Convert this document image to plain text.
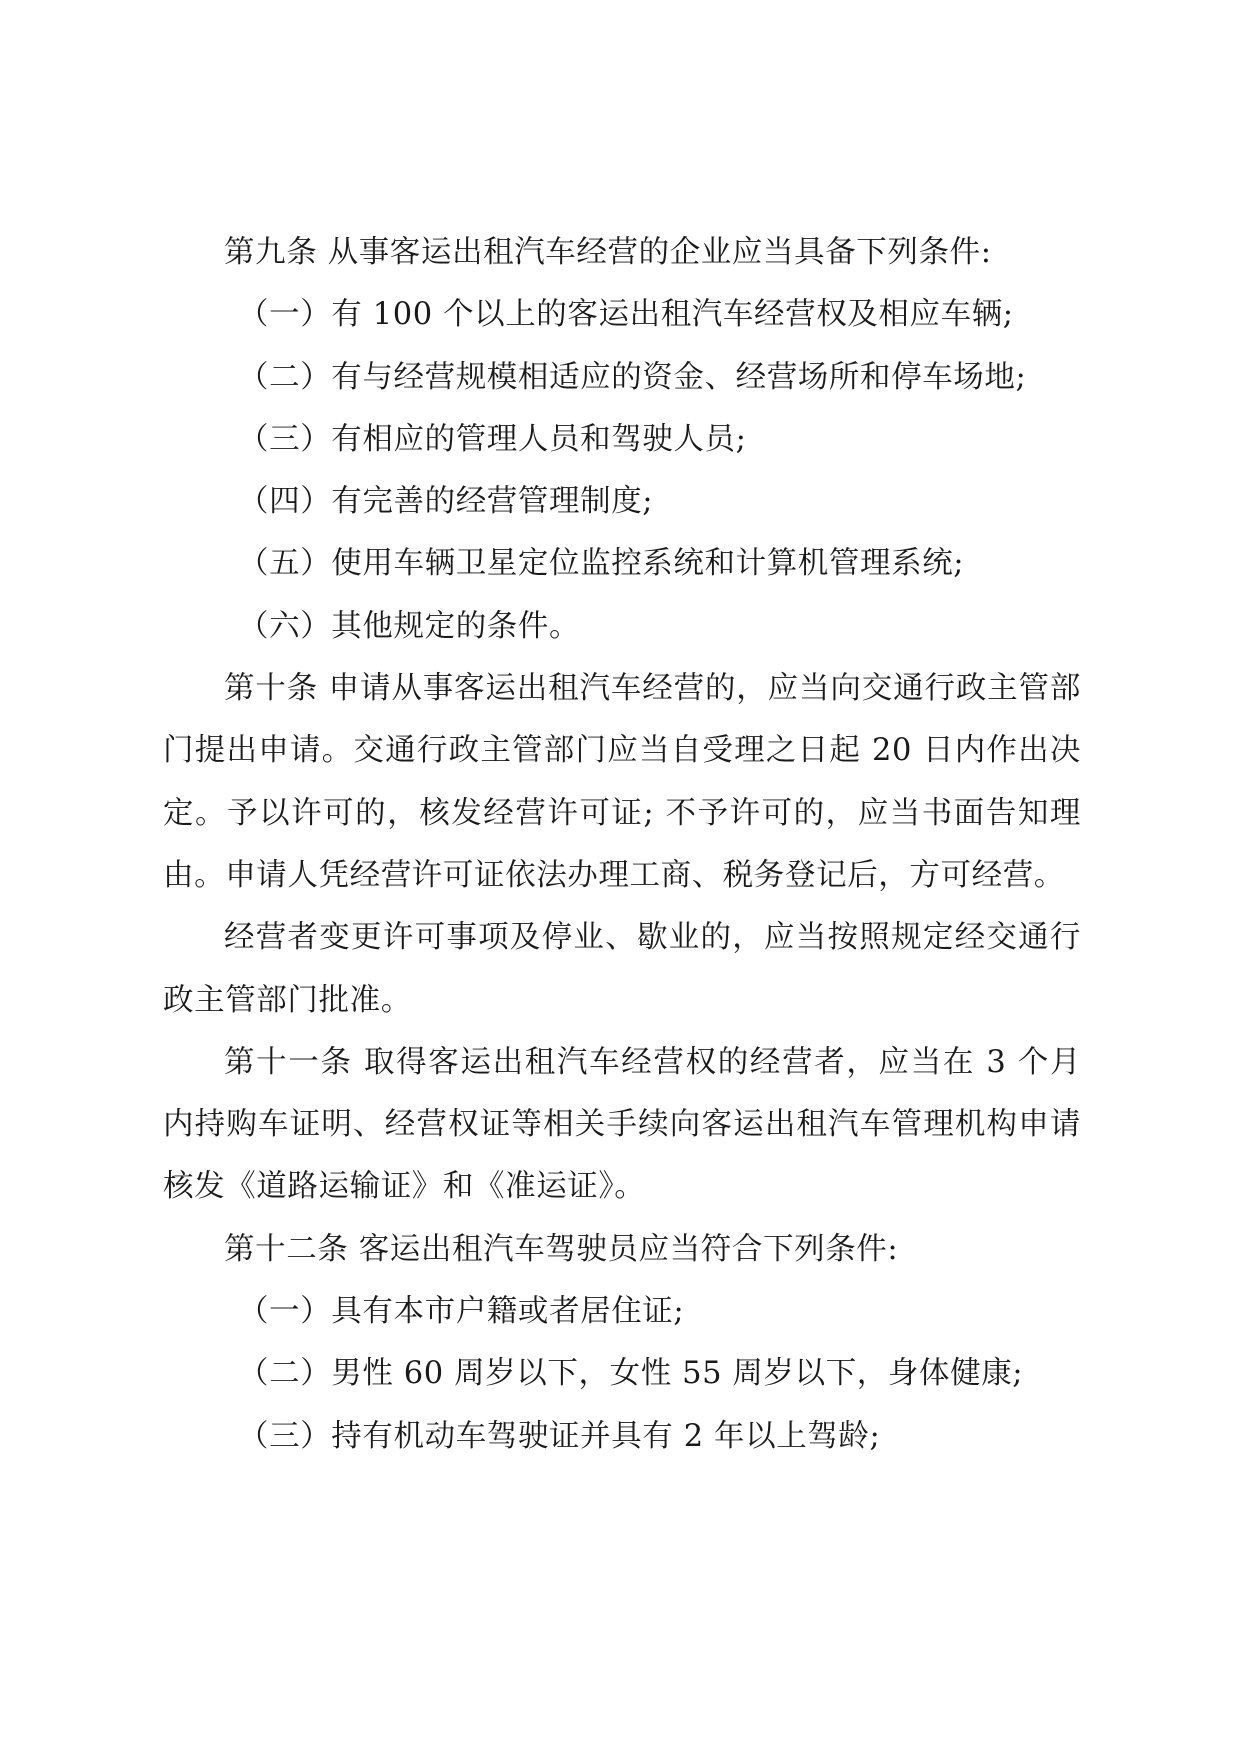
第九条 从事客运出租汽车经营的企业应当具备下列条件:

（一）有 100 个以上的客运出租汽车经营权及相应车辆;

（二）有与经营规模相适应的资金、经营场所和停车场地;

（三）有相应的管理人员和驾驶人员;

（四）有完善的经营管理制度;

（五）使用车辆卫星定位监控系统和计算机管理系统;

（六）其他规定的条件。

第十条 申请从事客运出租汽车经营的，应当向交通行政主管部门提出申请。交通行政主管部门应当自受理之日起 20 日内作出决定。予以许可的，核发经营许可证; 不予许可的，应当书面告知理由。申请人凭经营许可证依法办理工商、税务登记后，方可经营。

经营者变更许可事项及停业、歇业的，应当按照规定经交通行政主管部门批准。

第十一条 取得客运出租汽车经营权的经营者，应当在 3 个月内持购车证明、经营权证等相关手续向客运出租汽车管理机构申请核发《道路运输证》和《准运证》。

第十二条 客运出租汽车驾驶员应当符合下列条件:

（一）具有本市户籍或者居住证;

（二）男性 60 周岁以下，女性 55 周岁以下，身体健康;

（三）持有机动车驾驶证并具有 2 年以上驾龄;
